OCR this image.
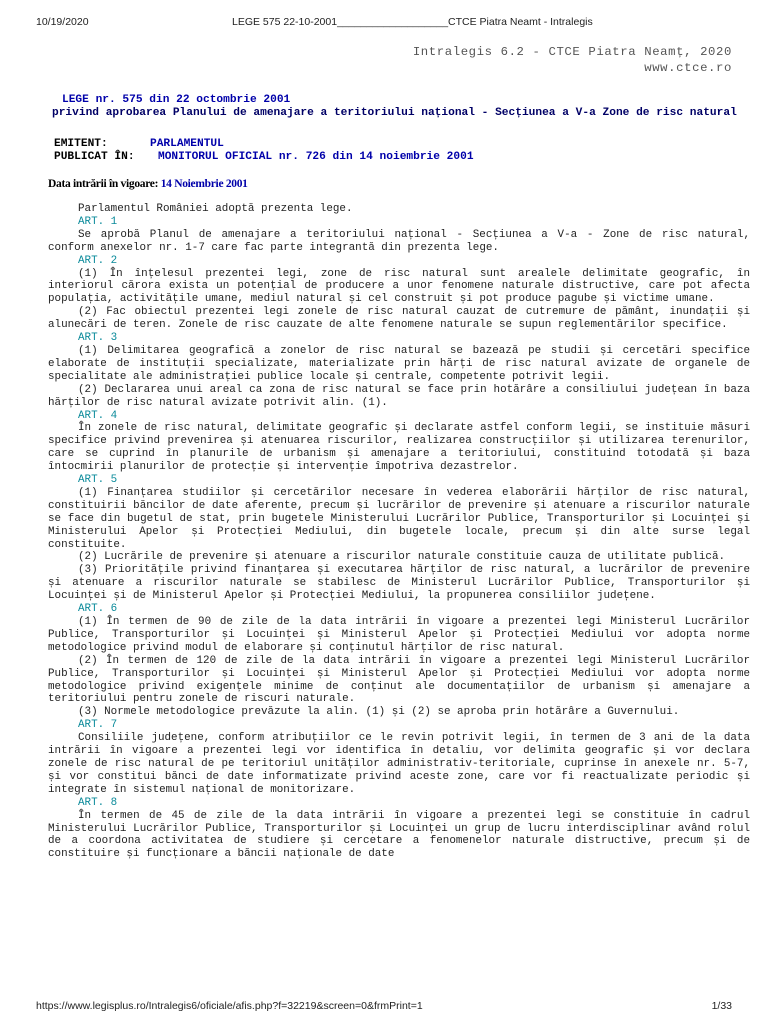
10/19/2020	LEGE 575 22-10-2001___________________CTCE Piatra Neamt - Intralegis
Intralegis 6.2 - CTCE Piatra Neamț, 2020
www.ctce.ro
LEGE nr. 575 din 22 octombrie 2001
privind aprobarea Planului de amenajare a teritoriului național - Secțiunea a V-a Zone de risc natural
EMITENT:	PARLAMENTUL
PUBLICAT ÎN: MONITORUL OFICIAL nr. 726 din 14 noiembrie 2001
Data intrării în vigoare: 14 Noiembrie 2001

Parlamentul României adoptă prezenta lege.

ART. 1

Se aprobă Planul de amenajare a teritoriului național - Secțiunea a V-a - Zone de risc natural, conform anexelor nr. 1-7 care fac parte integrantă din prezenta lege.

ART. 2

(1) În înțelesul prezentei legi, zone de risc natural sunt arealele delimitate geografic, în interiorul cărora exista un potențial de producere a unor fenomene naturale distructive, care pot afecta populația, activitățile umane, mediul natural și cel construit și pot produce pagube și victime umane.

(2) Fac obiectul prezentei legi zonele de risc natural cauzat de cutremure de pământ, inundații și alunecări de teren. Zonele de risc cauzate de alte fenomene naturale se supun reglementărilor specifice.

ART. 3

(1) Delimitarea geografică a zonelor de risc natural se bazează pe studii și cercetări specifice elaborate de instituții specializate, materializate prin hărți de risc natural avizate de organele de specialitate ale administrației publice locale și centrale, competente potrivit legii.

(2) Declararea unui areal ca zona de risc natural se face prin hotărâre a consiliului județean în baza hărților de risc natural avizate potrivit alin. (1).

ART. 4

În zonele de risc natural, delimitate geografic și declarate astfel conform legii, se instituie măsuri specifice privind prevenirea și atenuarea riscurilor, realizarea construcțiilor și utilizarea terenurilor, care se cuprind în planurile de urbanism și amenajare a teritoriului, constituind totodată și baza întocmirii planurilor de protecție și intervenție împotriva dezastrelor.

ART. 5

(1) Finanțarea studiilor și cercetărilor necesare în vederea elaborării hărților de risc natural, constituirii băncilor de date aferente, precum și lucrărilor de prevenire și atenuare a riscurilor naturale se face din bugetul de stat, prin bugetele Ministerului Lucrărilor Publice, Transporturilor și Locuinței și Ministerului Apelor și Protecției Mediului, din bugetele locale, precum și din alte surse legal constituite.

(2) Lucrările de prevenire și atenuare a riscurilor naturale constituie cauza de utilitate publică.

(3) Prioritățile privind finanțarea și executarea hărților de risc natural, a lucrărilor de prevenire și atenuare a riscurilor naturale se stabilesc de Ministerul Lucrărilor Publice, Transporturilor și Locuinței și de Ministerul Apelor și Protecției Mediului, la propunerea consiliilor județene.

ART. 6

(1) În termen de 90 de zile de la data intrării în vigoare a prezentei legi Ministerul Lucrărilor Publice, Transporturilor și Locuinței și Ministerul Apelor și Protecției Mediului vor adopta norme metodologice privind modul de elaborare și conținutul hărților de risc natural.

(2) În termen de 120 de zile de la data intrării în vigoare a prezentei legi Ministerul Lucrărilor Publice, Transporturilor și Locuinței și Ministerul Apelor și Protecției Mediului vor adopta norme metodologice privind exigențele minime de conținut ale documentațiilor de urbanism și amenajare a teritoriului pentru zonele de riscuri naturale.

(3) Normele metodologice prevăzute la alin. (1) și (2) se aproba prin hotărâre a Guvernului.

ART. 7

Consiliile județene, conform atribuțiilor ce le revin potrivit legii, în termen de 3 ani de la data intrării în vigoare a prezentei legi vor identifica în detaliu, vor delimita geografic și vor declara zonele de risc natural de pe teritoriul unităților administrativ-teritoriale, cuprinse în anexele nr. 5-7, și vor constitui bănci de date informatizate privind aceste zone, care vor fi reactualizate periodic și integrate în sistemul național de monitorizare.

ART. 8

În termen de 45 de zile de la data intrării în vigoare a prezentei legi se constituie în cadrul Ministerului Lucrărilor Publice, Transporturilor și Locuinței un grup de lucru interdisciplinar având rolul de a coordona activitatea de studiere și cercetare a fenomenelor naturale distructive, precum și de constituire și funcționare a băncii naționale de date

https://www.legisplus.ro/Intralegis6/oficiale/afis.php?f=32219&screen=0&frmPrint=1	1/33
